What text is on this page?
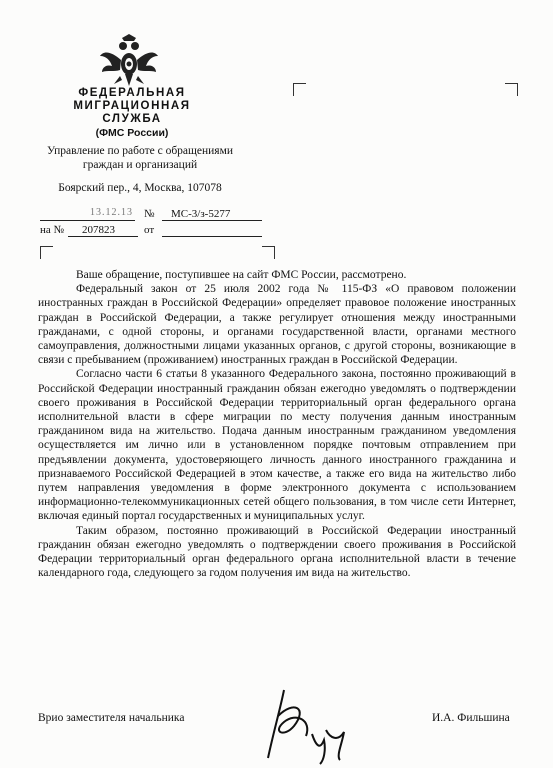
ФЕДЕРАЛЬНАЯ
МИГРАЦИОННАЯ СЛУЖБА
(ФМС России)
Управление по работе с обращениями
граждан и организаций
Боярский пер., 4, Москва, 107078
13.12.13 № МС-3/з-5277
на № 207823	от

Ваше обращение, поступившее на сайт ФМС России, рассмотрено.

Федеральный закон от 25 июля 2002 года № 115-ФЗ «О правовом положении иностранных граждан в Российской Федерации» определяет правовое положение иностранных граждан в Российской Федерации, а также регулирует отношения между иностранными гражданами, с одной стороны, и органами государственной власти, органами местного самоуправления, должностными лицами указанных органов, с другой стороны, возникающие в связи с пребыванием (проживанием) иностранных граждан в Российской Федерации.

Согласно части 6 статьи 8 указанного Федерального закона, постоянно проживающий в Российской Федерации иностранный гражданин обязан ежегодно уведомлять о подтверждении своего проживания в Российской Федерации территориальный орган федерального органа исполнительной власти в сфере миграции по месту получения данным иностранным гражданином вида на жительство. Подача данным иностранным гражданином уведомления осуществляется им лично или в установленном порядке почтовым отправлением при предъявлении документа, удостоверяющего личность данного иностранного гражданина и признаваемого Российской Федерацией в этом качестве, а также его вида на жительство либо путем направления уведомления в форме электронного документа с использованием информационно-телекоммуникационных сетей общего пользования, в том числе сети Интернет, включая единый портал государственных и муниципальных услуг.

Таким образом, постоянно проживающий в Российской Федерации иностранный гражданин обязан ежегодно уведомлять о подтверждении своего проживания в Российской Федерации территориальный орган федерального органа исполнительной власти в течение календарного года, следующего за годом получения им вида на жительство.

Врио заместителя начальника	И.А. Фильшина
